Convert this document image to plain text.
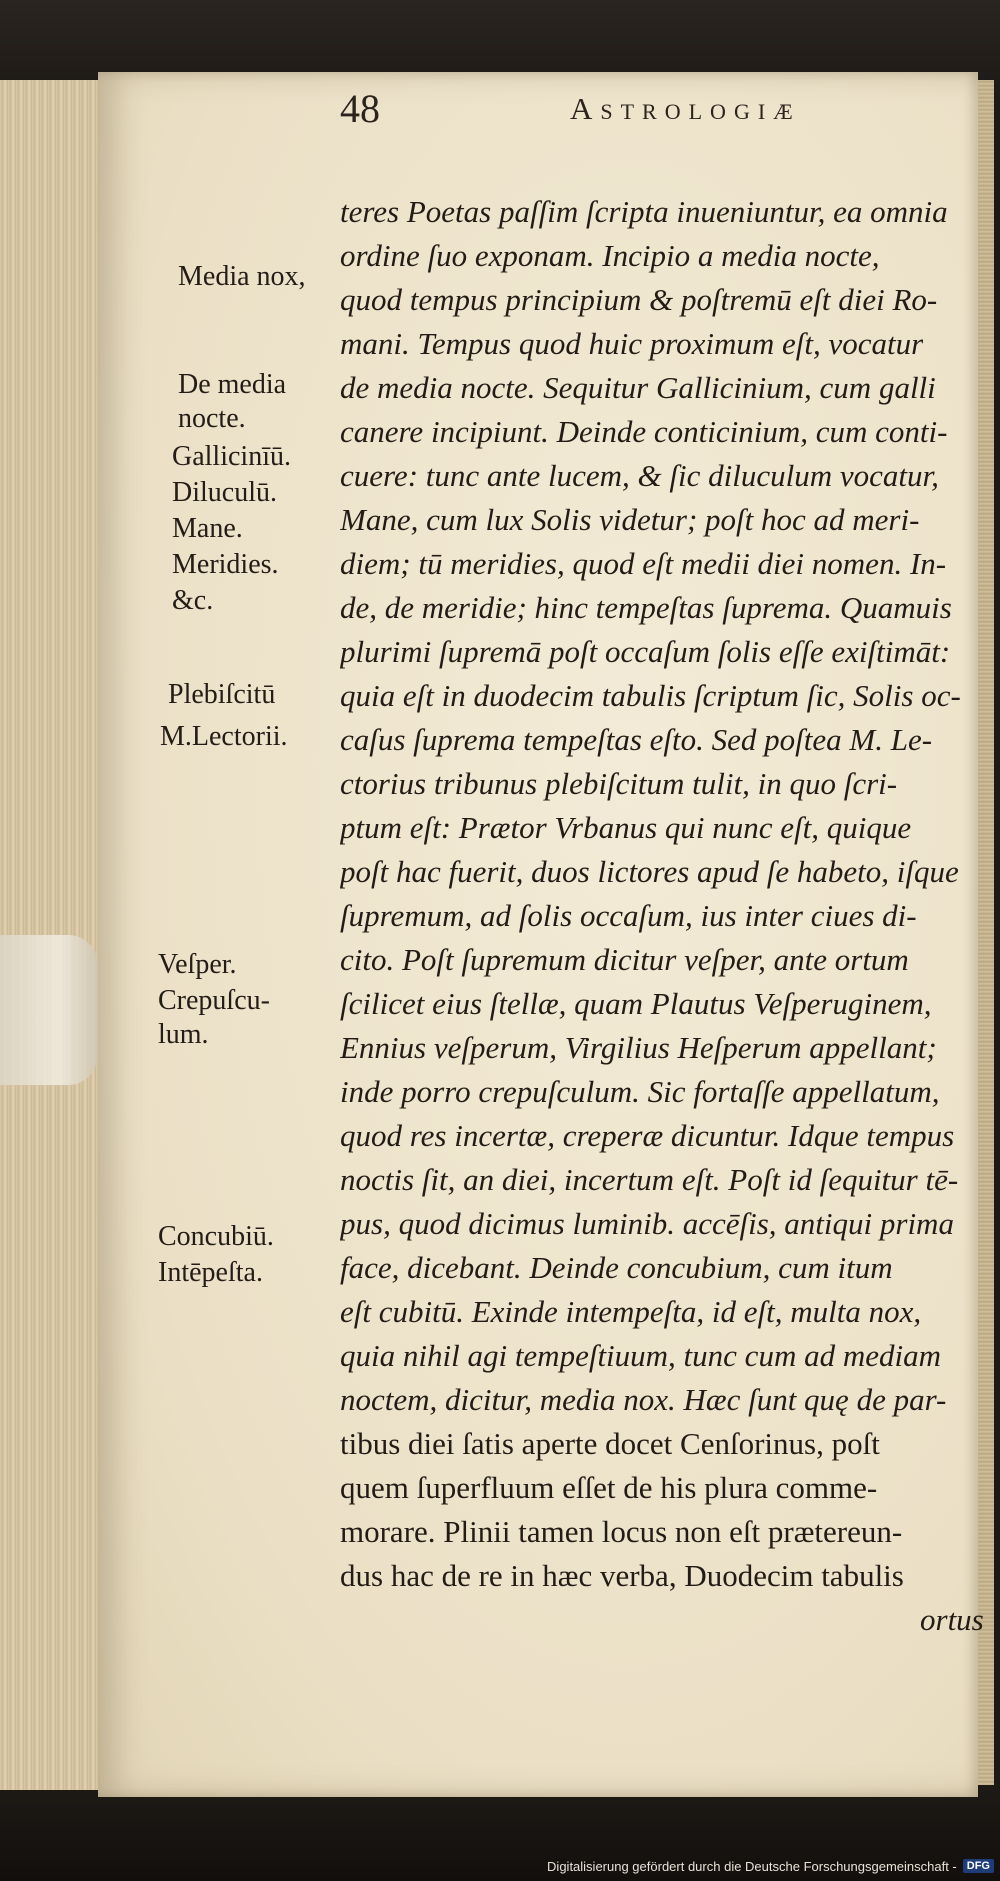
48	Astrologiæ
teres Poetas paſſim ſcripta inueniuntur, ea omnia
ordine ſuo exponam. Incipio a media nocte,
quod tempus principium & poſtremū eſt diei Ro-
mani. Tempus quod huic proximum eſt, vocatur
de media nocte. Sequitur Gallicinium, cum galli
canere incipiunt. Deinde conticinium, cum conti-
cuere: tunc ante lucem, & ſic diluculum vocatur,
Mane, cum lux Solis videtur; poſt hoc ad meri-
diem; tū meridies, quod eſt medii diei nomen. In-
de, de meridie; hinc tempeſtas ſuprema. Quamuis
plurimi ſupremā poſt occaſum ſolis eſſe exiſtimāt:
quia eſt in duodecim tabulis ſcriptum ſic, Solis oc-
caſus ſuprema tempeſtas eſto. Sed poſtea M. Le-
ctorius tribunus plebiſcitum tulit, in quo ſcri-
ptum eſt: Prætor Vrbanus qui nunc eſt, quique
poſt hac fuerit, duos lictores apud ſe habeto, iſque
ſupremum, ad ſolis occaſum, ius inter ciues di-
cito. Poſt ſupremum dicitur veſper, ante ortum
ſcilicet eius ſtellæ, quam Plautus Veſperuginem,
Ennius veſperum, Virgilius Heſperum appellant;
inde porro crepuſculum. Sic fortaſſe appellatum,
quod res incertæ, creperæ dicuntur. Idque tempus
noctis ſit, an diei, incertum eſt. Poſt id ſequitur tē-
pus, quod dicimus luminib. accēſis, antiqui prima
face, dicebant. Deinde concubium, cum itum
eſt cubitū. Exinde intempeſta, id eſt, multa nox,
quia nihil agi tempeſtiuum, tunc cum ad mediam
noctem, dicitur, media nox. Hæc ſunt quę de par-
tibus diei ſatis aperte docet Cenſorinus, poſt
quem ſuperfluum eſſet de his plura comme-
morare. Plinii tamen locus non eſt prætereun-
dus hac de re in hæc verba, Duodecim tabulis
ortus
Media nox,
De media
nocte.
Gallicinīū.
Diluculū.
Mane.
Meridies.
&c.
Plebiſcitū
M.Lectorii.
Veſper.
Crepuſcu-
lum.
Concubiū.
Intēpeſta.
Digitalisierung gefördert durch die Deutsche Forschungsgemeinschaft - DFG
